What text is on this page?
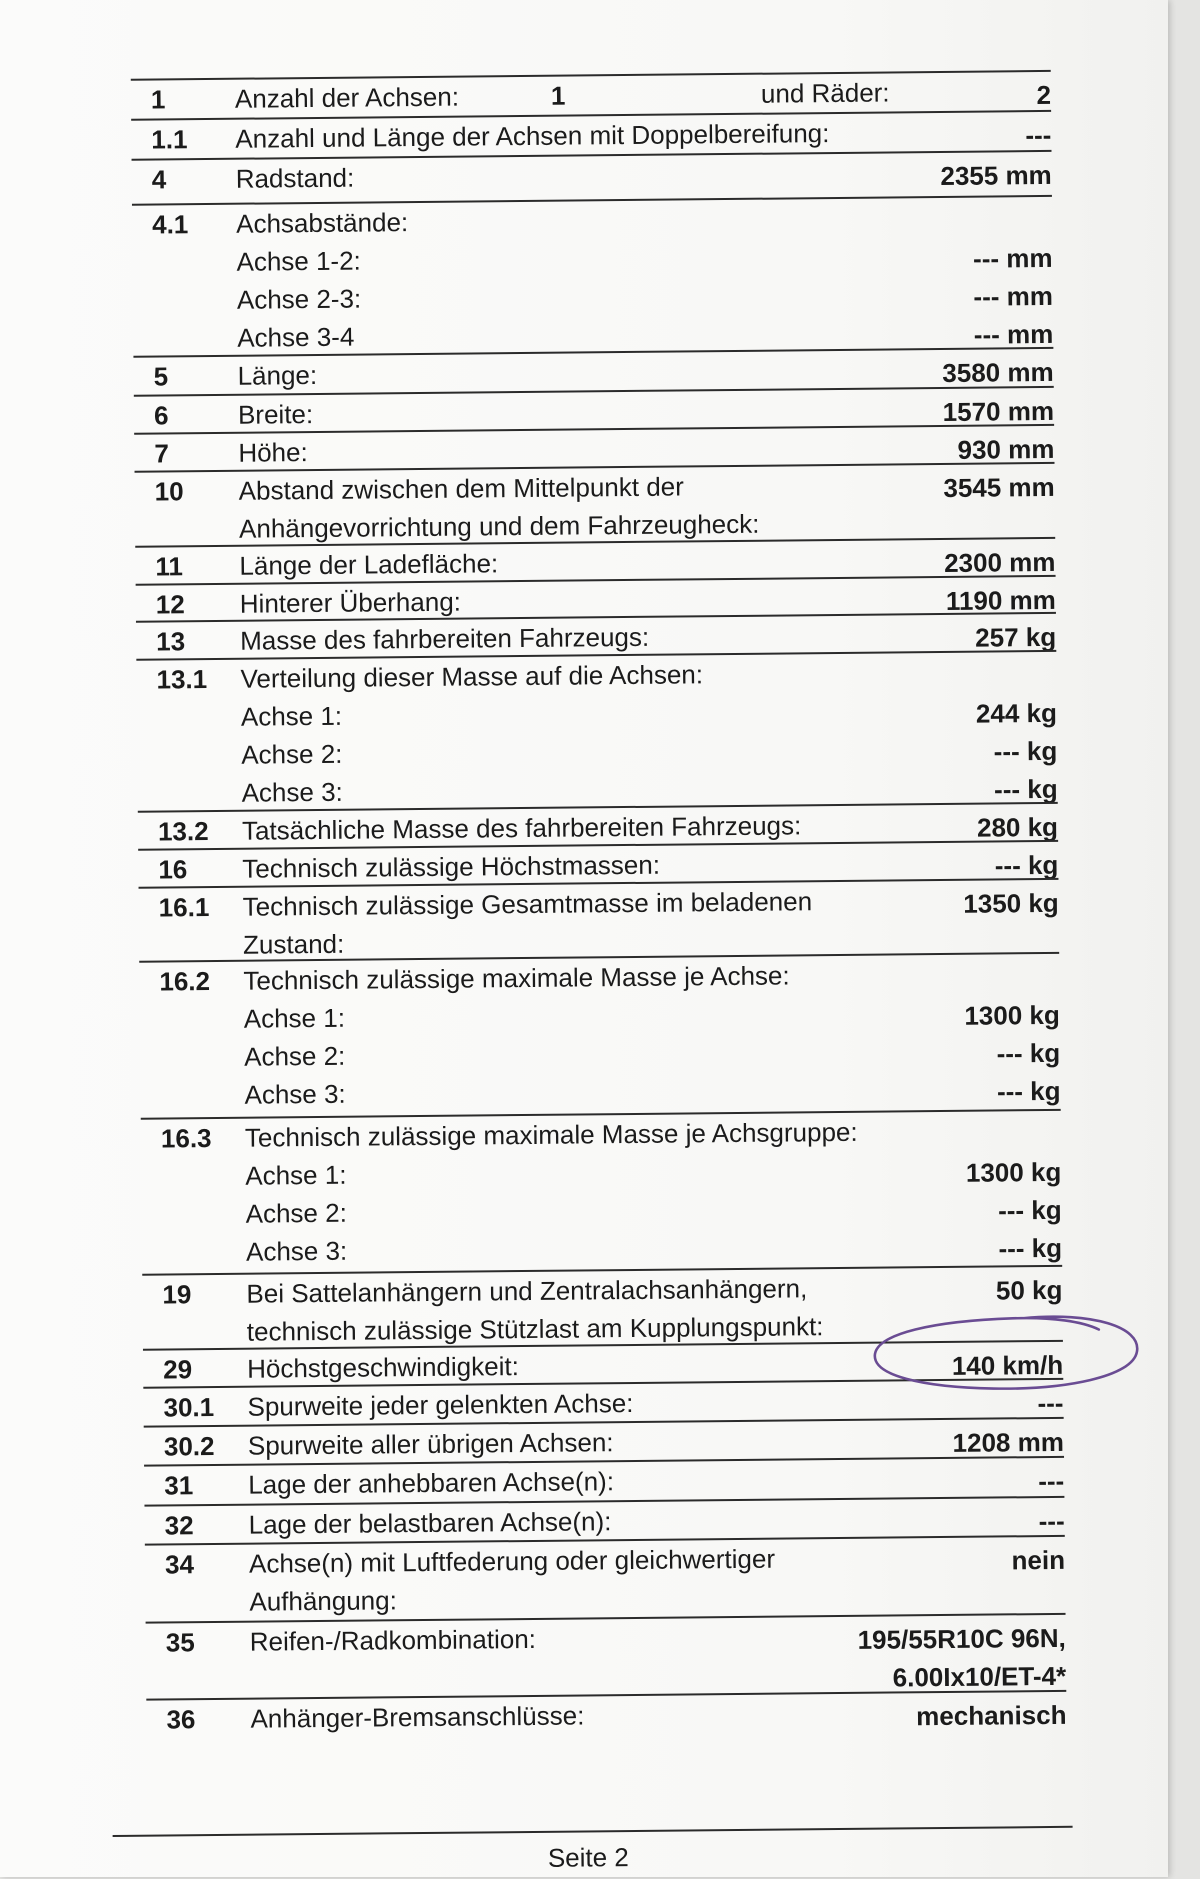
1	Anzahl der Achsen:	1	und Räder:	2
1.1 Anzahl und Länge der Achsen mit Doppelbereifung:	---
4	Radstand:	2355 mm
4.1 Achsabstände:
Achse 1-2:	--- mm
Achse 2-3:	--- mm
Achse 3-4	--- mm
5	Länge:	3580 mm
6	Breite:	1570 mm
7	Höhe:	930 mm
10 Abstand zwischen dem Mittelpunkt der	3545 mm
Anhängevorrichtung und dem Fahrzeugheck:
11 Länge der Ladefläche:	2300 mm
12 Hinterer Überhang:	1190 mm
13 Masse des fahrbereiten Fahrzeugs:	257 kg
13.1 Verteilung dieser Masse auf die Achsen:
Achse 1:	244 kg
Achse 2:	--- kg
Achse 3:	--- kg
13.2 Tatsächliche Masse des fahrbereiten Fahrzeugs:	280 kg
16 Technisch zulässige Höchstmassen:	--- kg
16.1 Technisch zulässige Gesamtmasse im beladenen	1350 kg
Zustand:
16.2 Technisch zulässige maximale Masse je Achse:
Achse 1:	1300 kg
Achse 2:	--- kg
Achse 3:	--- kg
16.3 Technisch zulässige maximale Masse je Achsgruppe:
Achse 1:	1300 kg
Achse 2:	--- kg
Achse 3:	--- kg
19 Bei Sattelanhängern und Zentralachsanhängern,	50 kg
technisch zulässige Stützlast am Kupplungspunkt:
29 Höchstgeschwindigkeit:	140 km/h
30.1 Spurweite jeder gelenkten Achse:	---
30.2 Spurweite aller übrigen Achsen:	1208 mm
31 Lage der anhebbaren Achse(n):	---
32 Lage der belastbaren Achse(n):	---
34 Achse(n) mit Luftfederung oder gleichwertiger	nein
Aufhängung:
35 Reifen-/Radkombination:	195/55R10C 96N,
6.00Ix10/ET-4*
36 Anhänger-Bremsanschlüsse:	mechanisch
Seite 2
